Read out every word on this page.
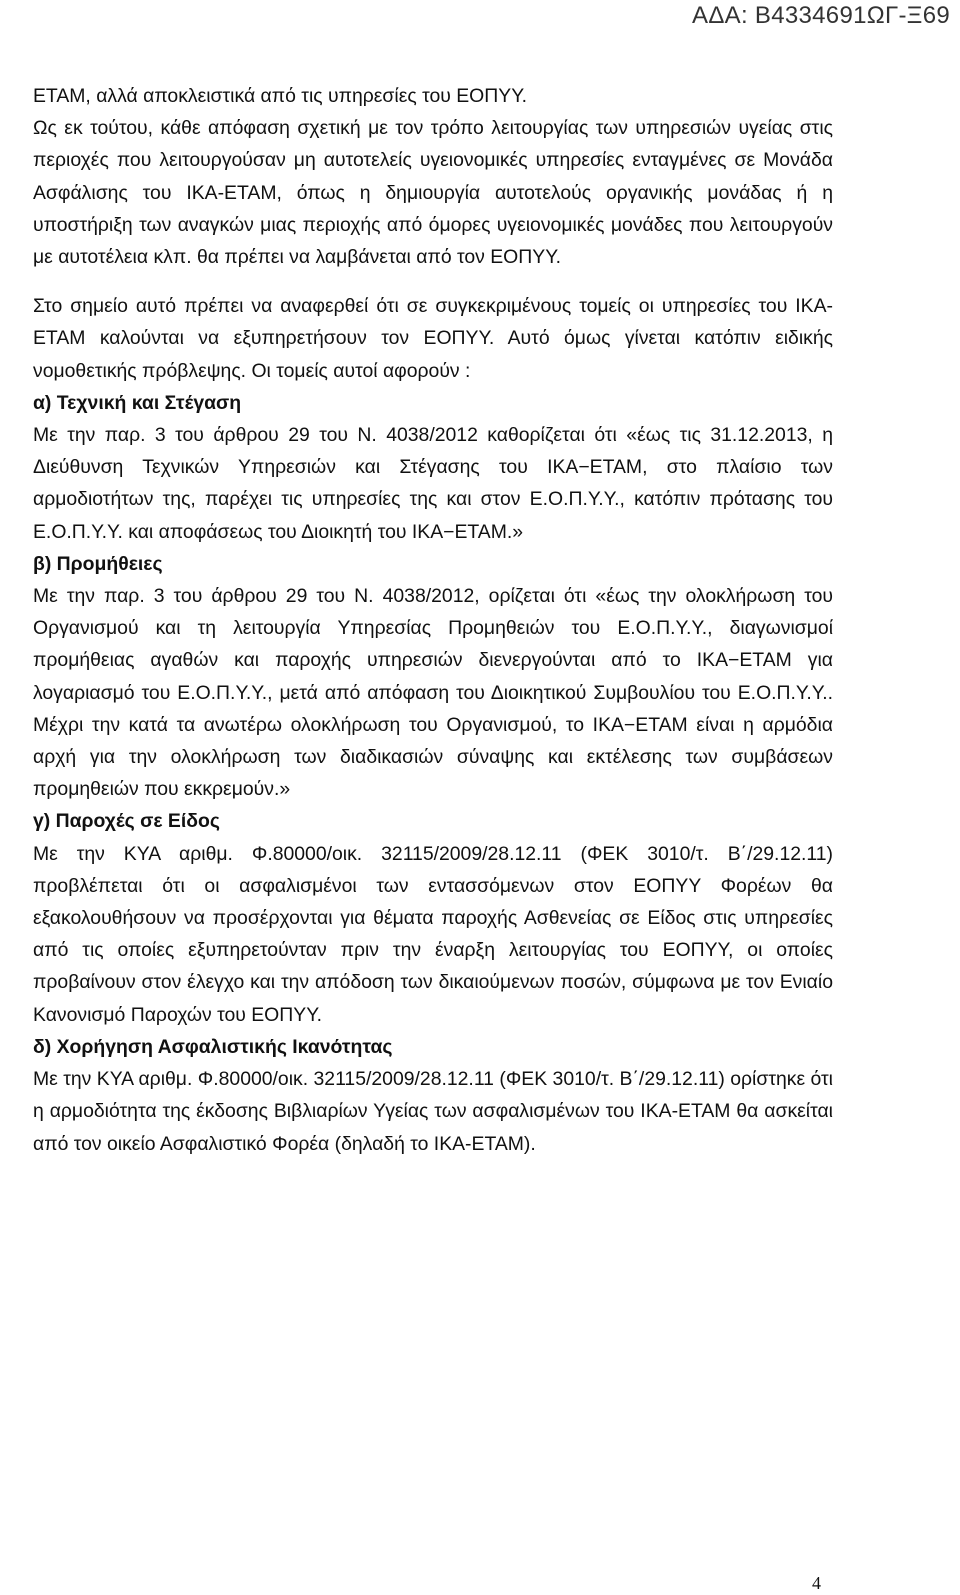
ΑΔΑ: Β4334691ΩΓ-Ξ69

ΕΤΑΜ, αλλά αποκλειστικά από τις υπηρεσίες του ΕΟΠΥΥ.

Ως εκ τούτου, κάθε απόφαση σχετική με τον τρόπο λειτουργίας των υπηρεσιών υγείας στις περιοχές που λειτουργούσαν μη αυτοτελείς υγειονομικές υπηρεσίες ενταγμένες σε Μονάδα Ασφάλισης του ΙΚΑ-ΕΤΑΜ, όπως η δημιουργία αυτοτελούς οργανικής μονάδας ή η υποστήριξη των αναγκών μιας περιοχής από όμορες υγειονομικές μονάδες που λειτουργούν με αυτοτέλεια κλπ. θα πρέπει να λαμβάνεται από τον ΕΟΠΥΥ.

Στο σημείο αυτό πρέπει να αναφερθεί ότι σε συγκεκριμένους τομείς οι υπηρεσίες του ΙΚΑ-ΕΤΑΜ καλούνται να εξυπηρετήσουν τον ΕΟΠΥΥ. Αυτό όμως γίνεται κατόπιν ειδικής νομοθετικής πρόβλεψης. Οι τομείς αυτοί αφορούν :

α) Τεχνική και Στέγαση

Με την παρ. 3 του άρθρου 29 του Ν. 4038/2012 καθορίζεται ότι «έως τις 31.12.2013, η Διεύθυνση Τεχνικών Υπηρεσιών και Στέγασης του ΙΚΑ−ΕΤΑΜ, στο πλαίσιο των αρμοδιοτήτων της, παρέχει τις υπηρεσίες της και στον Ε.Ο.Π.Υ.Υ., κατόπιν πρότασης του Ε.Ο.Π.Υ.Υ. και αποφάσεως του Διοικητή του ΙΚΑ−ΕΤΑΜ.»

β) Προμήθειες

Με την παρ. 3 του άρθρου 29 του Ν. 4038/2012, ορίζεται ότι «έως την ολοκλήρωση του Οργανισμού και τη λειτουργία Υπηρεσίας Προμηθειών του Ε.Ο.Π.Υ.Υ., διαγωνισμοί προμήθειας αγαθών και παροχής υπηρεσιών διενεργούνται από το ΙΚΑ−ΕΤΑΜ για λογαριασμό του Ε.Ο.Π.Υ.Υ., μετά από απόφαση του Διοικητικού Συμβουλίου του Ε.Ο.Π.Υ.Υ.. Μέχρι την κατά τα ανωτέρω ολοκλήρωση του Οργανισμού, το ΙΚΑ−ΕΤΑΜ είναι η αρμόδια αρχή για την ολοκλήρωση των διαδικασιών σύναψης και εκτέλεσης των συμβάσεων προμηθειών που εκκρεμούν.»

γ) Παροχές σε Είδος

Με την ΚΥΑ αριθμ. Φ.80000/οικ. 32115/2009/28.12.11 (ΦΕΚ 3010/τ. Β΄/29.12.11) προβλέπεται ότι οι ασφαλισμένοι των εντασσόμενων στον ΕΟΠΥΥ Φορέων θα εξακολουθήσουν να προσέρχονται για θέματα παροχής Ασθενείας σε Είδος στις υπηρεσίες από τις οποίες εξυπηρετούνταν πριν την έναρξη λειτουργίας του ΕΟΠΥΥ, οι οποίες προβαίνουν στον έλεγχο και την απόδοση των δικαιούμενων ποσών, σύμφωνα με τον Ενιαίο Κανονισμό Παροχών του ΕΟΠΥΥ.

δ) Χορήγηση Ασφαλιστικής Ικανότητας

Με την ΚΥΑ αριθμ. Φ.80000/οικ. 32115/2009/28.12.11 (ΦΕΚ 3010/τ. Β΄/29.12.11) ορίστηκε ότι η αρμοδιότητα της έκδοσης Βιβλιαρίων Υγείας των ασφαλισμένων του ΙΚΑ-ΕΤΑΜ θα ασκείται από τον οικείο Ασφαλιστικό Φορέα (δηλαδή το ΙΚΑ-ΕΤΑΜ).

4
